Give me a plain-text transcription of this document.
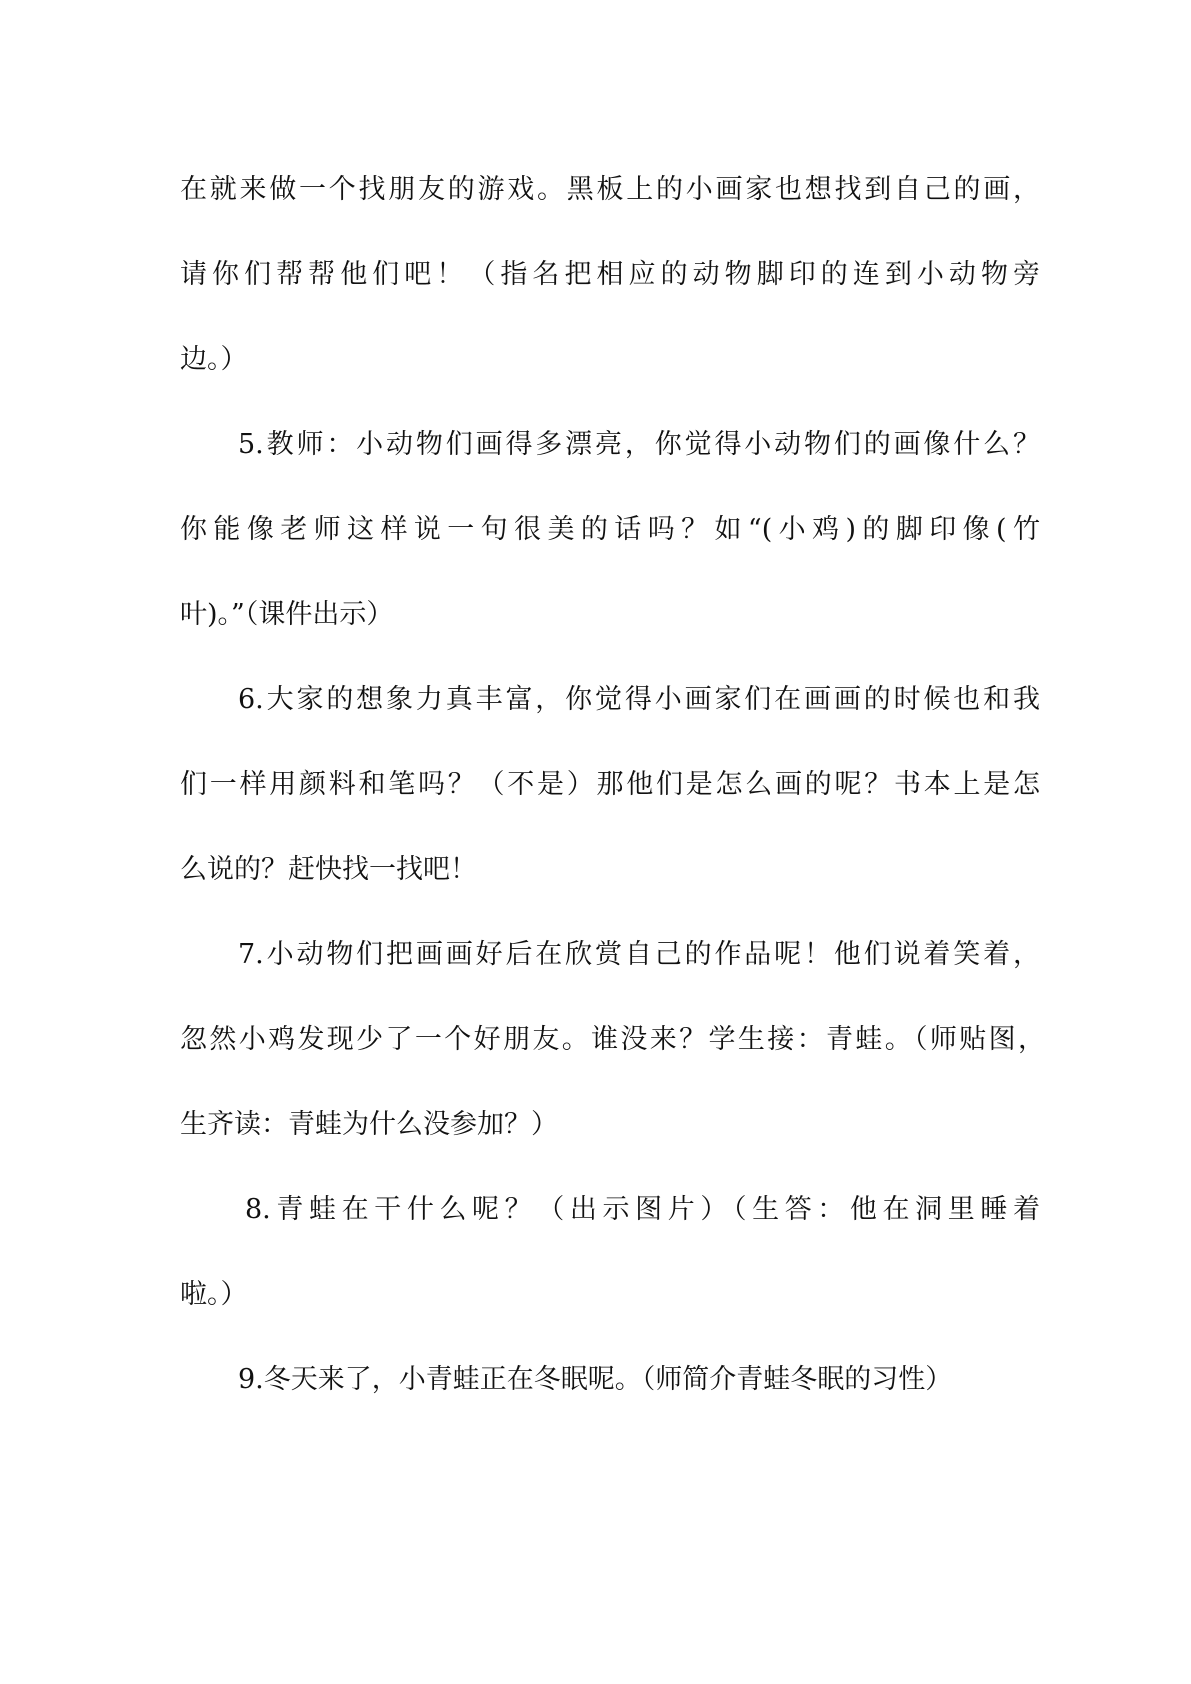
在就来做一个找朋友的游戏。黑板上的小画家也想找到自己的画，
请你们帮帮他们吧！（指名把相应的动物脚印的连到小动物旁
边。）
5.教师：小动物们画得多漂亮，你觉得小动物们的画像什么？
你能像老师这样说一句很美的话吗？如“(小鸡)的脚印像(竹
叶)。”（课件出示）
6.大家的想象力真丰富，你觉得小画家们在画画的时候也和我
们一样用颜料和笔吗？（不是）那他们是怎么画的呢？书本上是怎
么说的？赶快找一找吧！
7.小动物们把画画好后在欣赏自己的作品呢！他们说着笑着，
忽然小鸡发现少了一个好朋友。谁没来？学生接：青蛙。（师贴图，
生齐读：青蛙为什么没参加？）
8.青蛙在干什么呢？（出示图片）（生答：他在洞里睡着
啦。）
9.冬天来了，小青蛙正在冬眠呢。（师简介青蛙冬眠的习性）
